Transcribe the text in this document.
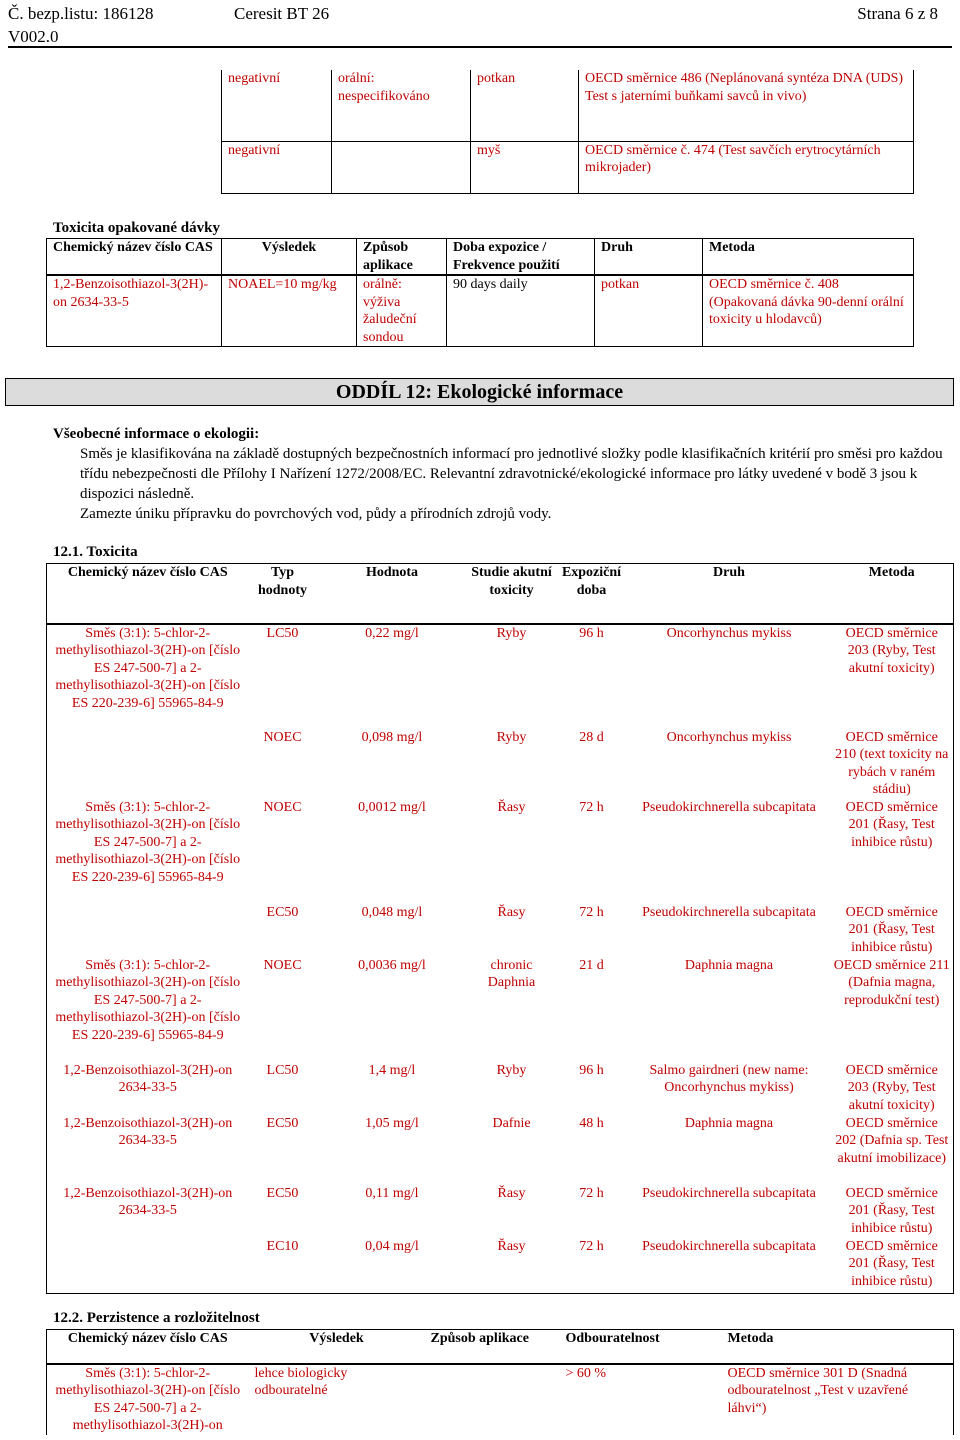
Č. bezp.listu: 186128	Ceresit BT 26	Strana 6 z 8
V002.0
negativní	orální: nespecifikováno	potkan	OECD směrnice 486 (Neplánovaná syntéza DNA (UDS) Test s jaterními buňkami savců in vivo)
negativní		myš	OECD směrnice č. 474 (Test savčích erytrocytárních mikrojader)
Toxicita opakované dávky
Chemický název číslo CAS	Výsledek	Způsob aplikace	Doba expozice / Frekvence použití	Druh	Metoda
1,2-Benzoisothiazol-3(2H)-on 2634-33-5	NOAEL=10 mg/kg	orálně: výživa žaludeční sondou	90 days daily	potkan	OECD směrnice č. 408 (Opakovaná dávka 90-denní orální toxicity u hlodavců)
ODDÍL 12: Ekologické informace
Všeobecné informace o ekologii:

Směs je klasifikována na základě dostupných bezpečnostních informací pro jednotlivé složky podle klasifikačních kritérií pro směsi pro každou třídu nebezpečnosti dle Přílohy I Nařízení 1272/2008/EC. Relevantní zdravotnické/ekologické informace pro látky uvedené v bodě 3 jsou k dispozici následně.

Zamezte úniku přípravku do povrchových vod, půdy a přírodních zdrojů vody.

12.1. Toxicita
Chemický název číslo CAS	Typ hodnoty	Hodnota	Studie akutní toxicity	Expoziční doba	Druh	Metoda
Směs (3:1): 5-chlor-2-methylisothiazol-3(2H)-on [číslo ES 247-500-7] a 2-methylisothiazol-3(2H)-on [číslo ES 220-239-6] 55965-84-9	LC50	0,22 mg/l	Ryby	96 h	Oncorhynchus mykiss	OECD směrnice 203 (Ryby, Test akutní toxicity)
	NOEC	0,098 mg/l	Ryby	28 d	Oncorhynchus mykiss	OECD směrnice 210 (text toxicity na rybách v raném stádiu)
Směs (3:1): 5-chlor-2-methylisothiazol-3(2H)-on [číslo ES 247-500-7] a 2-methylisothiazol-3(2H)-on [číslo ES 220-239-6] 55965-84-9	NOEC	0,0012 mg/l	Řasy	72 h	Pseudokirchnerella subcapitata	OECD směrnice 201 (Řasy, Test inhibice růstu)
	EC50	0,048 mg/l	Řasy	72 h	Pseudokirchnerella subcapitata	OECD směrnice 201 (Řasy, Test inhibice růstu)
Směs (3:1): 5-chlor-2-methylisothiazol-3(2H)-on [číslo ES 247-500-7] a 2-methylisothiazol-3(2H)-on [číslo ES 220-239-6] 55965-84-9	NOEC	0,0036 mg/l	chronic Daphnia	21 d	Daphnia magna	OECD směrnice 211 (Dafnia magna, reprodukční test)
1,2-Benzoisothiazol-3(2H)-on 2634-33-5	LC50	1,4 mg/l	Ryby	96 h	Salmo gairdneri (new name: Oncorhynchus mykiss)	OECD směrnice 203 (Ryby, Test akutní toxicity)
1,2-Benzoisothiazol-3(2H)-on 2634-33-5	EC50	1,05 mg/l	Dafnie	48 h	Daphnia magna	OECD směrnice 202 (Dafnia sp. Test akutní imobilizace)
1,2-Benzoisothiazol-3(2H)-on 2634-33-5	EC50	0,11 mg/l	Řasy	72 h	Pseudokirchnerella subcapitata	OECD směrnice 201 (Řasy, Test inhibice růstu)
	EC10	0,04 mg/l	Řasy	72 h	Pseudokirchnerella subcapitata	OECD směrnice 201 (Řasy, Test inhibice růstu)
12.2. Perzistence a rozložitelnost
Chemický název číslo CAS	Výsledek	Způsob aplikace	Odbouratelnost	Metoda
Směs (3:1): 5-chlor-2-methylisothiazol-3(2H)-on [číslo ES 247-500-7] a 2-methylisothiazol-3(2H)-on	lehce biologicky odbouratelné		> 60 %	OECD směrnice 301 D (Snadná odbouratelnost „Test v uzavřené láhvi“)
